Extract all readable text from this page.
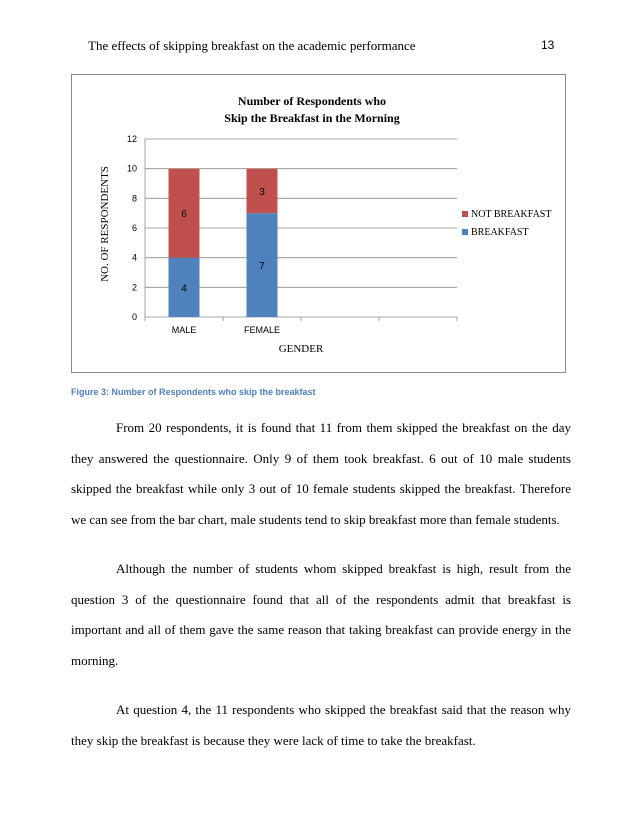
The effects of skipping breakfast on the academic performance	13
Number of Respondents who
Skip the Breakfast in the Morning
0
2
4
6
8
10
12
4
6
MALE
7
3
FEMALE
GENDER
NO. OF RESPONDENTS	NOT BREAKFAST
BREAKFAST
Figure 3: Number of Respondents who skip the breakfast

From 20 respondents, it is found that 11 from them skipped the breakfast on the day they answered the questionnaire. Only 9 of them took breakfast. 6 out of 10 male students skipped the breakfast while only 3 out of 10 female students skipped the breakfast. Therefore we can see from the bar chart, male students tend to skip breakfast more than female students.

Although the number of students whom skipped breakfast is high, result from the question 3 of the questionnaire found that all of the respondents admit that breakfast is important and all of them gave the same reason that taking breakfast can provide energy in the morning.

At question 4, the 11 respondents who skipped the breakfast said that the reason why they skip the breakfast is because they were lack of time to take the breakfast.
